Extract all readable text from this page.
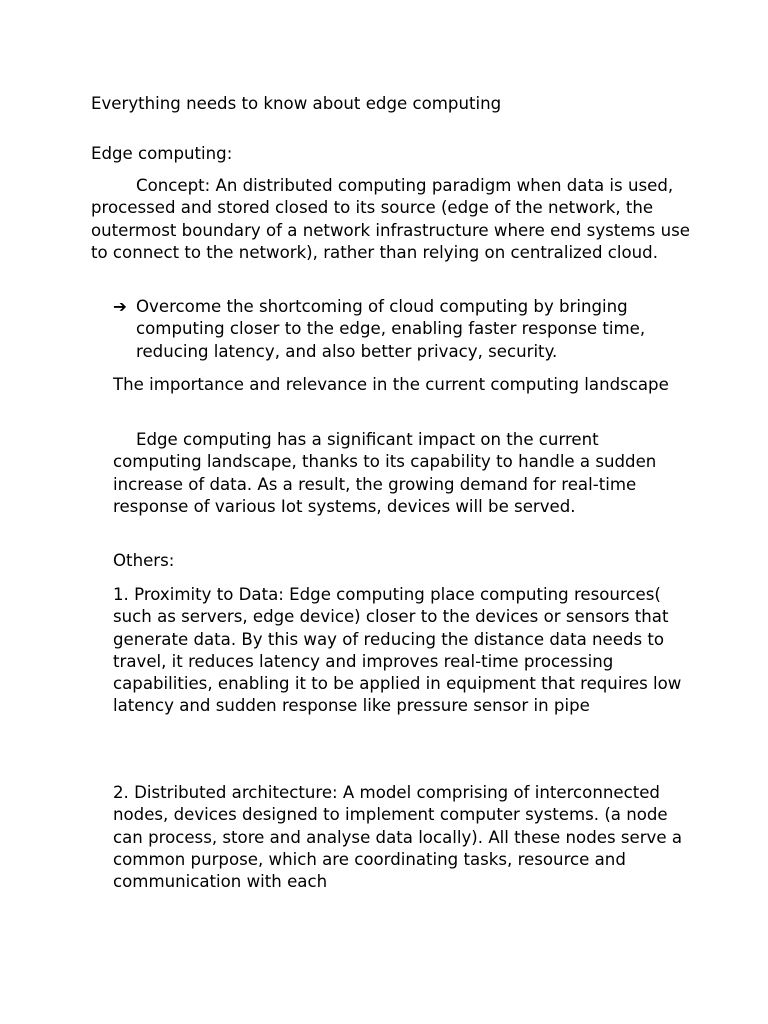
Everything needs to know about edge computing

Edge computing:

Concept: An distributed computing paradigm when data is used, processed and stored closed to its source (edge of the network, the outermost boundary of a network infrastructure where end systems use to connect to the network), rather than relying on centralized cloud.

➔

Overcome the shortcoming of cloud computing by bringing computing closer to the edge, enabling faster response time, reducing latency, and also better privacy, security.

The importance and relevance in the current computing landscape

Edge computing has a significant impact on the current computing landscape, thanks to its capability to handle a sudden increase of data. As a result, the growing demand for real-time response of various Iot systems, devices will be served.

Others:

1. Proximity to Data: Edge computing place computing resources( such as servers, edge device) closer to the devices or sensors that generate data. By this way of reducing the distance data needs to travel, it reduces latency and improves real-time processing capabilities, enabling it to be applied in equipment that requires low latency and sudden response like pressure sensor in pipe

2. Distributed architecture: A model comprising of interconnected nodes, devices designed to implement computer systems. (a node can process, store and analyse data locally). All these nodes serve a common purpose, which are coordinating tasks, resource and communication with each
